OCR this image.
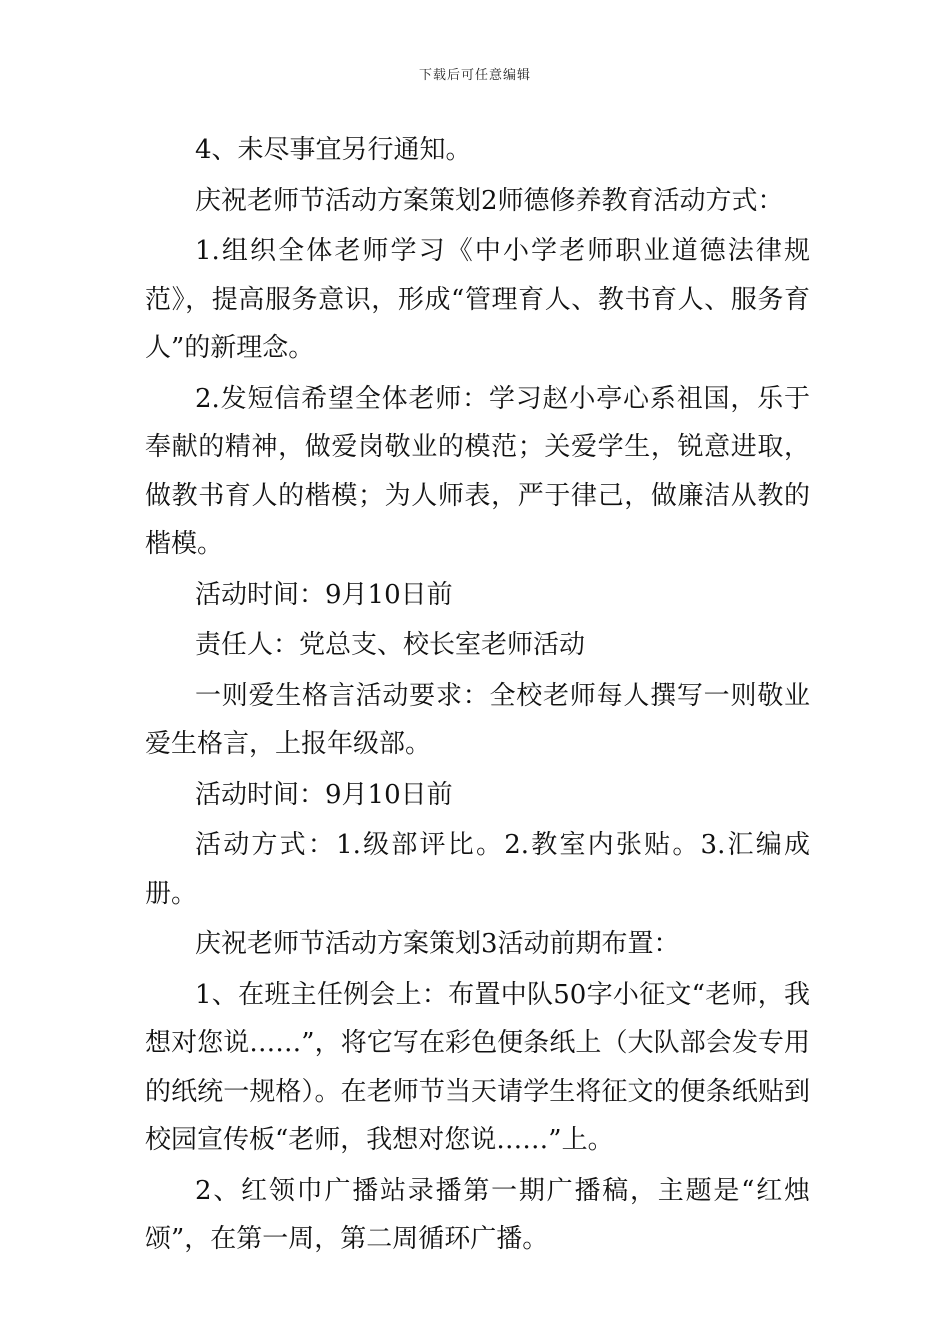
下载后可任意编辑

4、未尽事宜另行通知。

庆祝老师节活动方案策划2师德修养教育活动方式：

1.组织全体老师学习《中小学老师职业道德法律规范》，提高服务意识，形成“管理育人、教书育人、服务育人”的新理念。

2.发短信希望全体老师：学习赵小亭心系祖国，乐于奉献的精神，做爱岗敬业的模范；关爱学生，锐意进取，做教书育人的楷模；为人师表，严于律己，做廉洁从教的楷模。

活动时间：9月10日前

责任人：党总支、校长室老师活动

一则爱生格言活动要求：全校老师每人撰写一则敬业爱生格言，上报年级部。

活动时间：9月10日前

活动方式：1.级部评比。2.教室内张贴。3.汇编成册。

庆祝老师节活动方案策划3活动前期布置：

1、在班主任例会上：布置中队50字小征文“老师，我想对您说……”，将它写在彩色便条纸上（大队部会发专用的纸统一规格）。在老师节当天请学生将征文的便条纸贴到校园宣传板“老师，我想对您说……”上。

2、红领巾广播站录播第一期广播稿，主题是“红烛颂”，在第一周，第二周循环广播。
